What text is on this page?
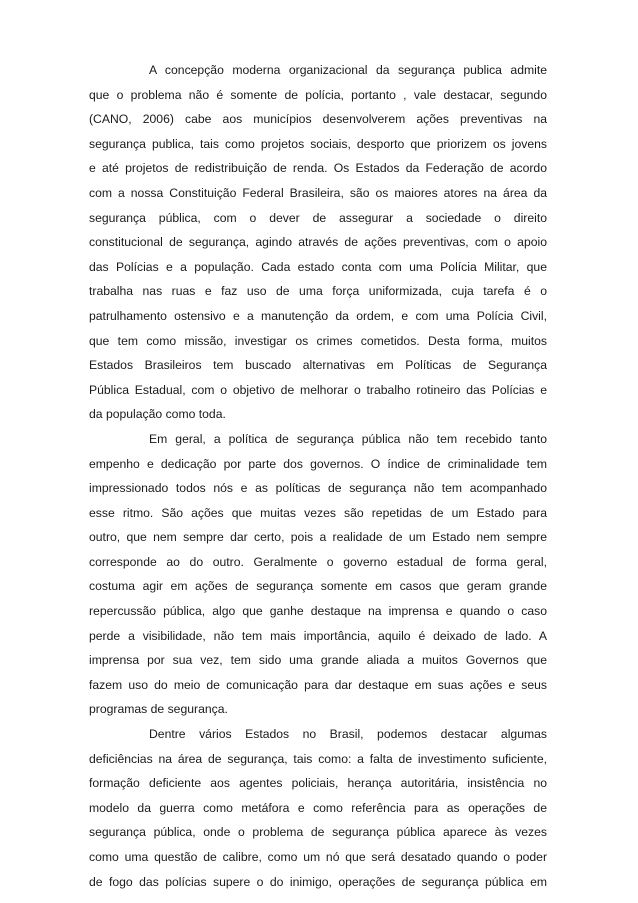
A concepção moderna organizacional da segurança publica admite
que o problema não é somente de polícia, portanto , vale destacar, segundo
(CANO, 2006) cabe aos municípios desenvolverem ações preventivas na
segurança publica, tais como projetos sociais, desporto que priorizem os jovens
e até projetos de redistribuição de renda. Os Estados da Federação de acordo
com a nossa Constituição Federal Brasileira, são os maiores atores na área da
segurança pública, com o dever de assegurar a sociedade o direito
constitucional de segurança, agindo através de ações preventivas, com o apoio
das Polícias e a população. Cada estado conta com uma Polícia Militar, que
trabalha nas ruas e faz uso de uma força uniformizada, cuja tarefa é o
patrulhamento ostensivo e a manutenção da ordem, e com uma Polícia Civil,
que tem como missão, investigar os crimes cometidos. Desta forma, muitos
Estados Brasileiros tem buscado alternativas em Políticas de Segurança
Pública Estadual, com o objetivo de melhorar o trabalho rotineiro das Polícias e
da população como toda.
Em geral, a política de segurança pública não tem recebido tanto
empenho e dedicação por parte dos governos. O índice de criminalidade tem
impressionado todos nós e as políticas de segurança não tem acompanhado
esse ritmo. São ações que muitas vezes são repetidas de um Estado para
outro, que nem sempre dar certo, pois a realidade de um Estado nem sempre
corresponde ao do outro. Geralmente o governo estadual de forma geral,
costuma agir em ações de segurança somente em casos que geram grande
repercussão pública, algo que ganhe destaque na imprensa e quando o caso
perde a visibilidade, não tem mais importância, aquilo é deixado de lado. A
imprensa por sua vez, tem sido uma grande aliada a muitos Governos que
fazem uso do meio de comunicação para dar destaque em suas ações e seus
programas de segurança.
Dentre vários Estados no Brasil, podemos destacar algumas
deficiências na área de segurança, tais como: a falta de investimento suficiente,
formação deficiente aos agentes policiais, herança autoritária, insistência no
modelo da guerra como metáfora e como referência para as operações de
segurança pública, onde o problema de segurança pública aparece às vezes
como uma questão de calibre, como um nó que será desatado quando o poder
de fogo das polícias supere o do inimigo, operações de segurança pública em
